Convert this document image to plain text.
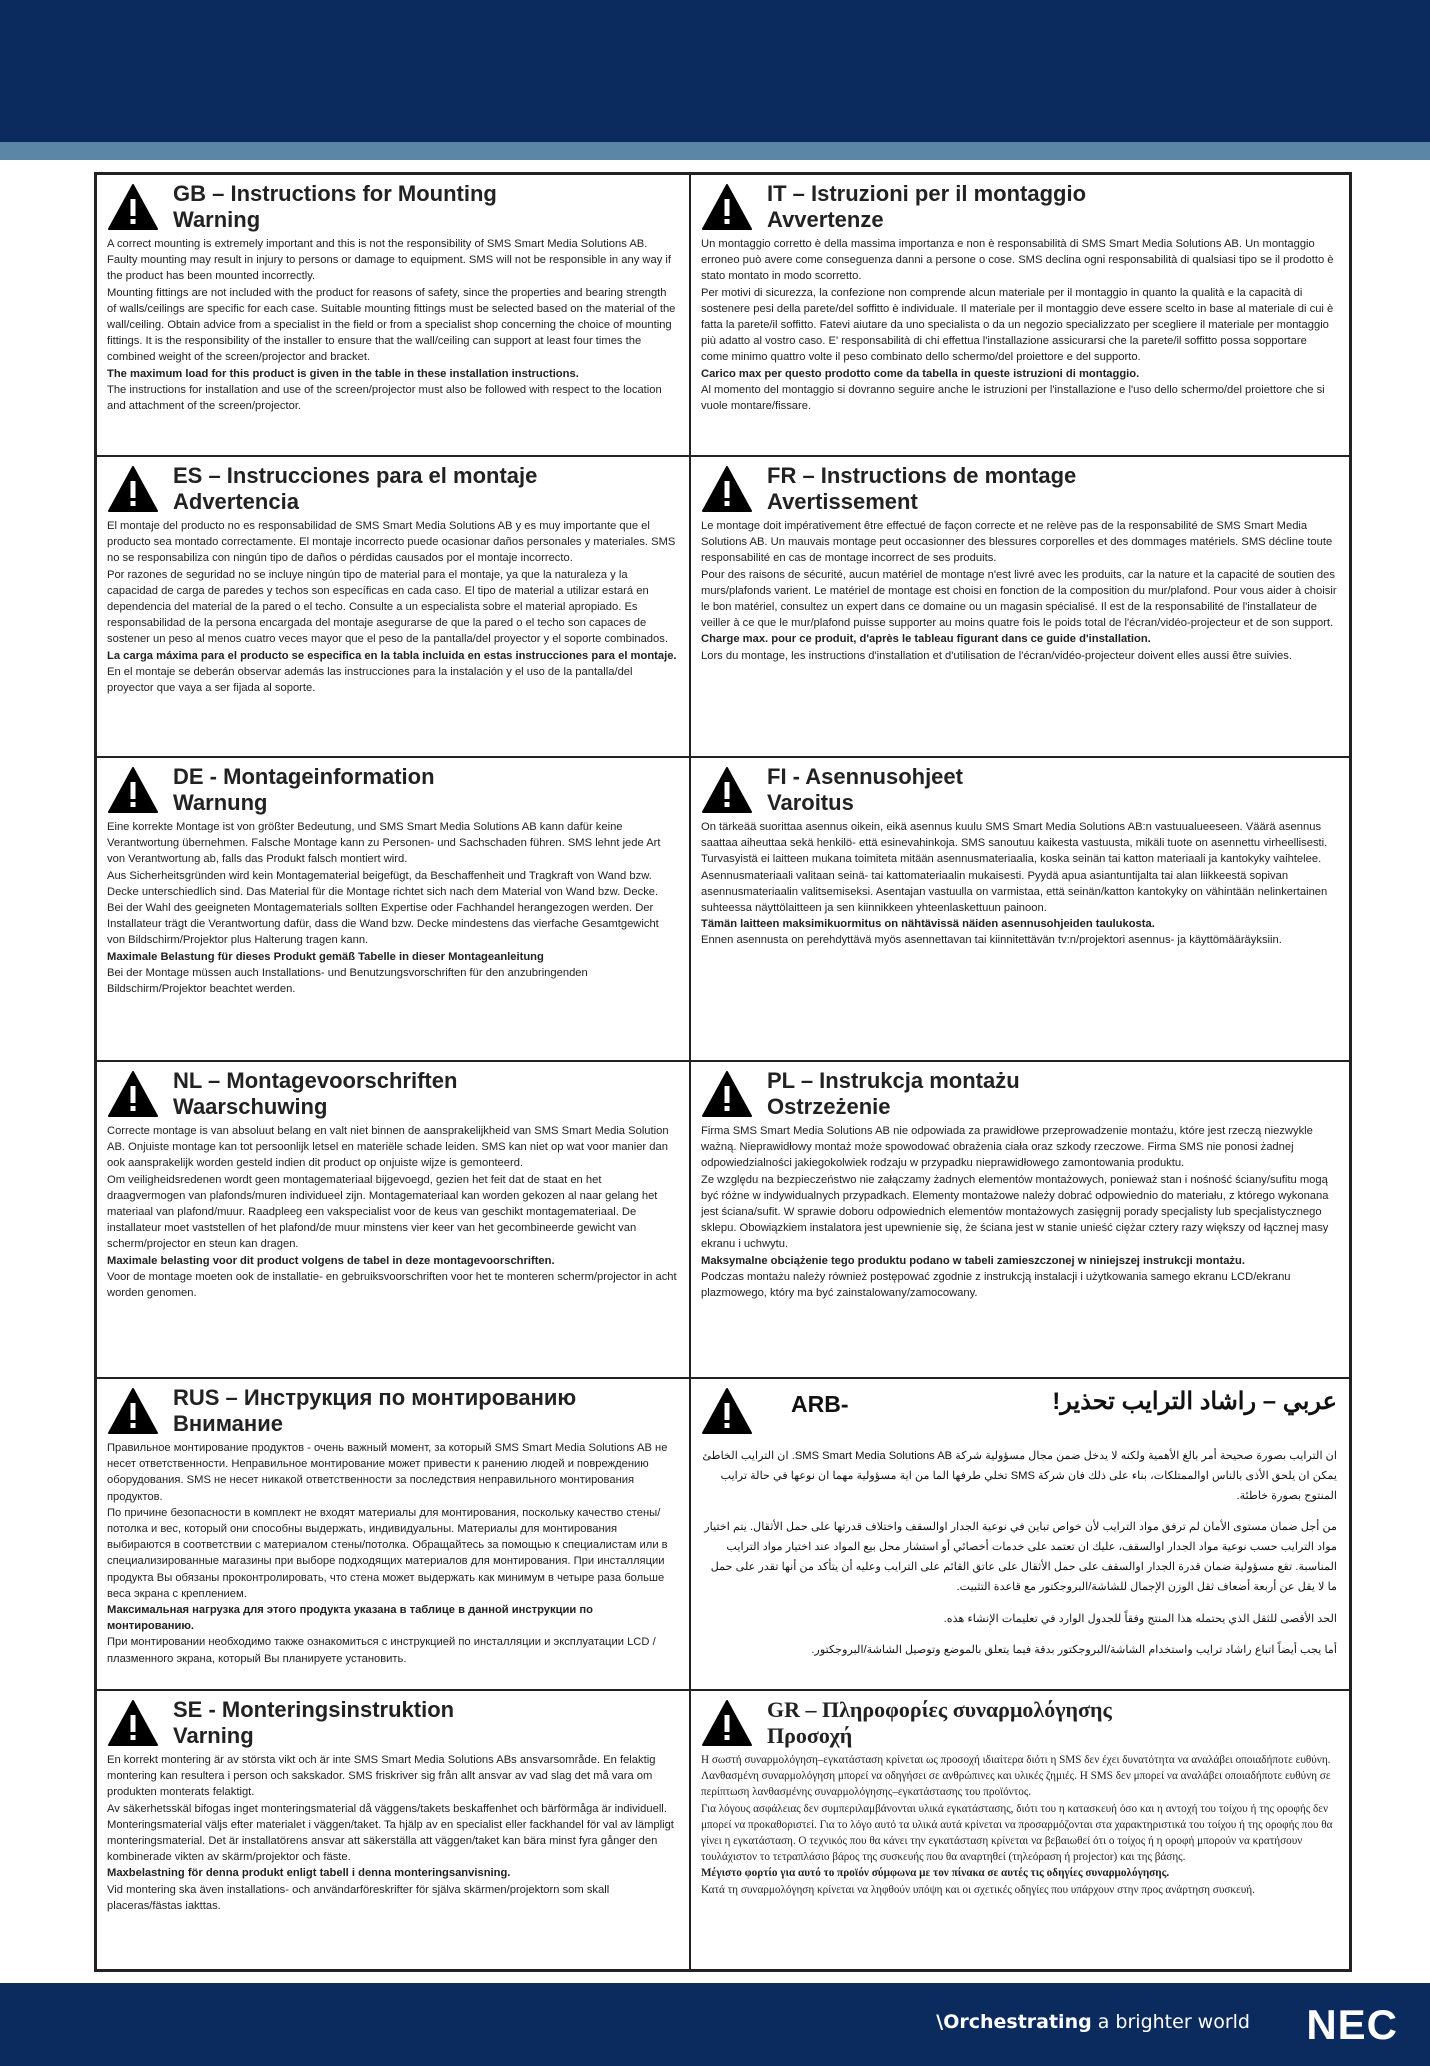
GB – Instructions for Mounting
Warning

A correct mounting is extremely important and this is not the responsibility of SMS Smart Media Solutions AB. Faulty mounting may result in injury to persons or damage to equipment. SMS will not be responsible in any way if the product has been mounted incorrectly.

Mounting fittings are not included with the product for reasons of safety, since the properties and bearing strength of walls/ceilings are specific for each case. Suitable mounting fittings must be selected based on the material of the wall/ceiling. Obtain advice from a specialist in the field or from a specialist shop concerning the choice of mounting fittings. It is the responsibility of the installer to ensure that the wall/ceiling can support at least four times the combined weight of the screen/projector and bracket.

The maximum load for this product is given in the table in these installation instructions.

The instructions for installation and use of the screen/projector must also be followed with respect to the location and attachment of the screen/projector.

IT – Istruzioni per il montaggio
Avvertenze

Un montaggio corretto è della massima importanza e non è responsabilità di SMS Smart Media Solutions AB. Un montaggio erroneo può avere come conseguenza danni a persone o cose. SMS declina ogni responsabilità di qualsiasi tipo se il prodotto è stato montato in modo scorretto.

Per motivi di sicurezza, la confezione non comprende alcun materiale per il montaggio in quanto la qualità e la capacità di sostenere pesi della parete/del soffitto è individuale. Il materiale per il montaggio deve essere scelto in base al materiale di cui è fatta la parete/il soffitto. Fatevi aiutare da uno specialista o da un negozio specializzato per scegliere il materiale per montaggio più adatto al vostro caso. E' responsabilità di chi effettua l'installazione assicurarsi che la parete/il soffitto possa sopportare come minimo quattro volte il peso combinato dello schermo/del proiettore e del supporto.

Carico max per questo prodotto come da tabella in queste istruzioni di montaggio.

Al momento del montaggio si dovranno seguire anche le istruzioni per l'installazione e l'uso dello schermo/del proiettore che si vuole montare/fissare.

ES – Instrucciones para el montaje
Advertencia

El montaje del producto no es responsabilidad de SMS Smart Media Solutions AB y es muy importante que el producto sea montado correctamente. El montaje incorrecto puede ocasionar daños personales y materiales. SMS no se responsabiliza con ningún tipo de daños o pérdidas causados por el montaje incorrecto.

Por razones de seguridad no se incluye ningún tipo de material para el montaje, ya que la naturaleza y la capacidad de carga de paredes y techos son específicas en cada caso. El tipo de material a utilizar estará en dependencia del material de la pared o el techo. Consulte a un especialista sobre el material apropiado. Es responsabilidad de la persona encargada del montaje asegurarse de que la pared o el techo son capaces de sostener un peso al menos cuatro veces mayor que el peso de la pantalla/del proyector y el soporte combinados.

La carga máxima para el producto se especifica en la tabla incluida en estas instrucciones para el montaje.

En el montaje se deberán observar además las instrucciones para la instalación y el uso de la pantalla/del proyector que vaya a ser fijada al soporte.

FR – Instructions de montage
Avertissement

Le montage doit impérativement être effectué de façon correcte et ne relève pas de la responsabilité de SMS Smart Media Solutions AB. Un mauvais montage peut occasionner des blessures corporelles et des dommages matériels. SMS décline toute responsabilité en cas de montage incorrect de ses produits.

Pour des raisons de sécurité, aucun matériel de montage n'est livré avec les produits, car la nature et la capacité de soutien des murs/plafonds varient. Le matériel de montage est choisi en fonction de la composition du mur/plafond. Pour vous aider à choisir le bon matériel, consultez un expert dans ce domaine ou un magasin spécialisé. Il est de la responsabilité de l'installateur de veiller à ce que le mur/plafond puisse supporter au moins quatre fois le poids total de l'écran/vidéo-projecteur et de son support.

Charge max. pour ce produit, d'après le tableau figurant dans ce guide d'installation.

Lors du montage, les instructions d'installation et d'utilisation de l'écran/vidéo-projecteur doivent elles aussi être suivies.

DE - Montageinformation
Warnung

Eine korrekte Montage ist von größter Bedeutung, und SMS Smart Media Solutions AB kann dafür keine Verantwortung übernehmen. Falsche Montage kann zu Personen- und Sachschaden führen. SMS lehnt jede Art von Verantwortung ab, falls das Produkt falsch montiert wird.

Aus Sicherheitsgründen wird kein Montagematerial beigefügt, da Beschaffenheit und Tragkraft von Wand bzw. Decke unterschiedlich sind. Das Material für die Montage richtet sich nach dem Material von Wand bzw. Decke. Bei der Wahl des geeigneten Montagematerials sollten Expertise oder Fachhandel herangezogen werden. Der Installateur trägt die Verantwortung dafür, dass die Wand bzw. Decke mindestens das vierfache Gesamtgewicht von Bildschirm/Projektor plus Halterung tragen kann.

Maximale Belastung für dieses Produkt gemäß Tabelle in dieser Montageanleitung

Bei der Montage müssen auch Installations- und Benutzungsvorschriften für den anzubringenden Bildschirm/Projektor beachtet werden.

FI - Asennusohjeet
Varoitus

On tärkeää suorittaa asennus oikein, eikä asennus kuulu SMS Smart Media Solutions AB:n vastuualueeseen. Väärä asennus saattaa aiheuttaa sekä henkilö- että esinevahinkoja. SMS sanoutuu kaikesta vastuusta, mikäli tuote on asennettu virheellisesti.

Turvasyistä ei laitteen mukana toimiteta mitään asennusmateriaalia, koska seinän tai katton materiaali ja kantokyky vaihtelee. Asennusmateriaali valitaan seinä- tai kattomateriaalin mukaisesti. Pyydä apua asiantuntijalta tai alan liikkeestä sopivan asennusmateriaalin valitsemiseksi. Asentajan vastuulla on varmistaa, että seinän/katton kantokyky on vähintään nelinkertainen suhteessa näyttölaitteen ja sen kiinnikkeen yhteenlaskettuun painoon.

Tämän laitteen maksimikuormitus on nähtävissä näiden asennusohjeiden taulukosta.

Ennen asennusta on perehdyttävä myös asennettavan tai kiinnitettävän tv:n/projektori asennus- ja käyttömääräyksiin.

NL – Montagevoorschriften
Waarschuwing

Correcte montage is van absoluut belang en valt niet binnen de aansprakelijkheid van SMS Smart Media Solution AB. Onjuiste montage kan tot persoonlijk letsel en materiële schade leiden. SMS kan niet op wat voor manier dan ook aansprakelijk worden gesteld indien dit product op onjuiste wijze is gemonteerd.

Om veiligheidsredenen wordt geen montagemateriaal bijgevoegd, gezien het feit dat de staat en het draagvermogen van plafonds/muren individueel zijn. Montagemateriaal kan worden gekozen al naar gelang het materiaal van plafond/muur. Raadpleeg een vakspecialist voor de keus van geschikt montagemateriaal. De installateur moet vaststellen of het plafond/de muur minstens vier keer van het gecombineerde gewicht van scherm/projector en steun kan dragen.

Maximale belasting voor dit product volgens de tabel in deze montagevoorschriften.

Voor de montage moeten ook de installatie- en gebruiksvoorschriften voor het te monteren scherm/projector in acht worden genomen.

PL – Instrukcja montażu
Ostrzeżenie

Firma SMS Smart Media Solutions AB nie odpowiada za prawidłowe przeprowadzenie montażu, które jest rzeczą niezwykle ważną. Nieprawidłowy montaż może spowodować obrażenia ciała oraz szkody rzeczowe. Firma SMS nie ponosi żadnej odpowiedzialności jakiegokolwiek rodzaju w przypadku nieprawidłowego zamontowania produktu.

Ze względu na bezpieczeństwo nie załączamy żadnych elementów montażowych, ponieważ stan i nośność ściany/sufitu mogą być różne w indywidualnych przypadkach. Elementy montażowe należy dobrać odpowiednio do materiału, z którego wykonana jest ściana/sufit. W sprawie doboru odpowiednich elementów montażowych zasięgnij porady specjalisty lub specjalistycznego sklepu. Obowiązkiem instalatora jest upewnienie się, że ściana jest w stanie unieść ciężar cztery razy większy od łącznej masy ekranu i uchwytu.

Maksymalne obciążenie tego produktu podano w tabeli zamieszczonej w niniejszej instrukcji montażu.

Podczas montażu należy również postępować zgodnie z instrukcją instalacji i użytkowania samego ekranu LCD/ekranu plazmowego, który ma być zainstalowany/zamocowany.

RUS – Инструкция по монтированию
Внимание

Правильное монтирование продуктов - очень важный момент, за который SMS Smart Media Solutions AB не несет ответственности. Неправильное монтирование может привести к ранению людей и повреждению оборудования. SMS не несет никакой ответственности за последствия неправильного монтирования продуктов.

По причине безопасности в комплект не входят материалы для монтирования, поскольку качество стены/потолка и вес, который они способны выдержать, индивидуальны. Материалы для монтирования выбираются в соответствии с материалом стены/потолка. Обращайтесь за помощью к специалистам или в специализированные магазины при выборе подходящих материалов для монтирования. При инсталляции продукта Вы обязаны проконтролировать, что стена может выдержать как минимум в четыре раза больше веса экрана с креплением.

Максимальная нагрузка для этого продукта указана в таблице в данной инструкции по монтированию.

При монтировании необходимо также ознакомиться с инструкцией по инсталляции и эксплуатации LCD /плазменного экрана, который Вы планируете установить.

ARB-	عربي – راشاد الترايب تحذير!

ان الترايب بصورة صحيحة أمر بالغ الأهمية ولكنه لا يدخل ضمن مجال مسؤولية شركة SMS Smart Media Solutions AB. ان الترايب الخاطئ يمكن ان يلحق الأذى بالناس اوالممتلكات، بناء على ذلك فان شركة SMS تخلي طرفها الما من اية مسؤولية مهما ان نوعها في حالة ترايب المنتوج بصورة خاطئة.

من أجل ضمان مستوى الأمان لم ترفق مواد الترايب لأن خواص تباين في نوعية الجدار اوالسقف واختلاف قدرتها على حمل الأثقال. يتم اختيار مواد الترايب حسب نوعية مواد الجدار اوالسقف، عليك ان تعتمد على خدمات أخصائي أو استشار محل بيع المواد عند اختيار مواد الترايب المناسبة. تقع مسؤولية ضمان قدرة الجدار اوالسقف على حمل الأثقال على عاتق القائم على الترايب وعليه أن يتأكد من أنها تقدر على حمل ما لا يقل عن أربعة أضعاف ثقل الوزن الإجمال للشاشة/البروجكتور مع قاعدة التثبيت.

الحد الأقصى للثقل الذي يحتمله هذا المنتج وفقاً للجدول الوارد في تعليمات الإنشاء هذه.

أما يجب أيضاً اتباع راشاد ترايب واستخدام الشاشة/البروجكتور بدقة فيما يتعلق بالموضع وتوصيل الشاشة/البروجكتور.

SE - Monteringsinstruktion
Varning

En korrekt montering är av största vikt och är inte SMS Smart Media Solutions ABs ansvarsområde. En felaktig montering kan resultera i person och sakskador. SMS friskriver sig från allt ansvar av vad slag det må vara om produkten monterats felaktigt.

Av säkerhetsskäl bifogas inget monteringsmaterial då väggens/takets beskaffenhet och bärförmåga är individuell. Monteringsmaterial väljs efter materialet i väggen/taket. Ta hjälp av en specialist eller fackhandel för val av lämpligt monteringsmaterial. Det är installatörens ansvar att säkerställa att väggen/taket kan bära minst fyra gånger den kombinerade vikten av skärm/projektor och fäste.

Maxbelastning för denna produkt enligt tabell i denna monteringsanvisning.

Vid montering ska även installations- och användarföreskrifter för själva skärmen/projektorn som skall placeras/fästas iakttas.

GR – Πληροφορίες συναρμολόγησης
Προσοχή

Η σωστή συναρμολόγηση–εγκατάσταση κρίνεται ως προσοχή ιδιαίτερα διότι η SMS δεν έχει δυνατότητα να αναλάβει οποιαδήποτε ευθύνη. Λανθασμένη συναρμολόγηση μπορεί να οδηγήσει σε ανθρώπινες και υλικές ζημιές. Η SMS δεν μπορεί να αναλάβει οποιαδήποτε ευθύνη σε περίπτωση λανθασμένης συναρμολόγησης–εγκατάστασης του προϊόντος.

Για λόγους ασφάλειας δεν συμπεριλαμβάνονται υλικά εγκατάστασης, διότι του η κατασκευή όσο και η αντοχή του τοίχου ή της οροφής δεν μπορεί να προκαθοριστεί. Για το λόγο αυτό τα υλικά αυτά κρίνεται να προσαρμόζονται στα χαρακτηριστικά του τοίχου ή της οροφής που θα γίνει η εγκατάσταση. Ο τεχνικός που θα κάνει την εγκατάσταση κρίνεται να βεβαιωθεί ότι ο τοίχος ή η οροφή μπορούν να κρατήσουν τουλάχιστον το τετραπλάσιο βάρος της συσκευής που θα αναρτηθεί (τηλεόραση ή projector) και της βάσης.

Μέγιστο φορτίο για αυτό το προϊόν σύμφωνα με τον πίνακα σε αυτές τις οδηγίες συναρμολόγησης.

Κατά τη συναρμολόγηση κρίνεται να ληφθούν υπόψη και οι σχετικές οδηγίες που υπάρχουν στην προς ανάρτηση συσκευή.

\Orchestrating a brighter world NEC
